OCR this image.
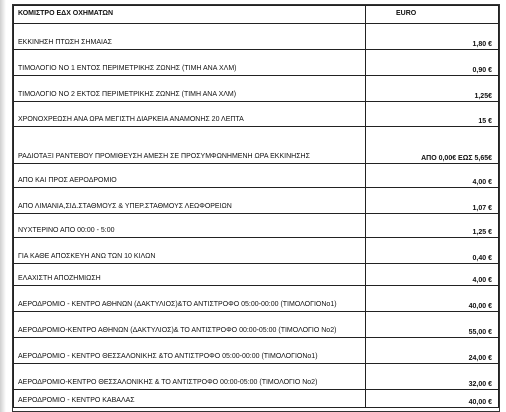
ΚΟΜΙΣΤΡΟ ΕΔΧ ΟΧΗΜΑΤΩΝ	EURO

ΕΚΚΙΝΗΣΗ ΠΤΩΣΗ ΣΗΜΑΙΑΣ	1,80 €

ΤΙΜΟΛΟΓΙΟ ΝΟ 1 ΕΝΤΟΣ ΠΕΡΙΜΕΤΡΙΚΗΣ ΖΩΝΗΣ (ΤΙΜΗ ΑΝΑ ΧΛΜ)	0,90 €

ΤΙΜΟΛΟΓΙΟ ΝΟ 2 ΕΚΤΟΣ ΠΕΡΙΜΕΤΡΙΚΗΣ ΖΩΝΗΣ (ΤΙΜΗ ΑΝΑ ΧΛΜ)	1,25€

ΧΡΟΝΟΧΡΕΩΣΗ ΑΝΑ ΩΡΑ ΜΕΓΙΣΤΗ ΔΙΑΡΚΕΙΑ ΑΝΑΜΟΝΗΣ 20 ΛΕΠΤΑ	15 €

ΡΑΔΙΟΤΑΞΙ ΡΑΝΤΕΒΟΥ ΠΡΟΜΙΘΕΥΣΗ ΑΜΕΣΗ ΣΕ ΠΡΟΣΥΜΦΩΝΗΜΕΝΗ ΩΡΑ ΕΚΚΙΝΗΣΗΣ	ΑΠΟ 0,00€ ΕΩΣ 5,65€

ΑΠΟ ΚΑΙ ΠΡΟΣ ΑΕΡΟΔΡΟΜΙΟ	4,00 €

ΑΠΟ ΛΙΜΑΝΙΑ,ΣΙΔ.ΣΤΑΘΜΟΥΣ & ΥΠΕΡ.ΣΤΑΘΜΟΥΣ ΛΕΩΦΟΡΕΙΩΝ	1,07 €

ΝΥΧΤΕΡΙΝΟ ΑΠΟ 00:00 - 5:00	1,25 €

ΓΙΑ ΚΑΘΕ ΑΠΟΣΚΕΥΗ ΑΝΩ ΤΩΝ 10 ΚΙΛΩΝ	0,40 €

ΕΛΑΧΙΣΤΗ ΑΠΟΖΗΜΙΩΣΗ	4,00 €

ΑΕΡΟΔΡΟΜΙΟ - ΚΕΝΤΡΟ ΑΘΗΝΩΝ (ΔΑΚΤΥΛΙΟΣ)&ΤΟ ΑΝΤΙΣΤΡΟΦΟ 05:00-00:00 (ΤΙΜΟΛΟΓΙΟΝο1)	40,00 €

ΑΕΡΟΔΡΟΜΙΟ-ΚΕΝΤΡΟ ΑΘΗΝΩΝ (ΔΑΚΤΥΛΙΟΣ)& ΤΟ ΑΝΤΙΣΤΡΟΦΟ 00:00-05:00 (ΤΙΜΟΛΟΓΙΟ Νο2)	55,00 €

ΑΕΡΟΔΡΟΜΙΟ - ΚΕΝΤΡΟ ΘΕΣΣΑΛΟΝΙΚΗΣ &ΤΟ ΑΝΤΙΣΤΡΟΦΟ 05:00-00:00 (ΤΙΜΟΛΟΓΙΟΝο1)	24,00 €

ΑΕΡΟΔΡΟΜΙΟ-ΚΕΝΤΡΟ ΘΕΣΣΑΛΟΝΙΚΗΣ & ΤΟ ΑΝΤΙΣΤΡΟΦΟ 00:00-05:00 (ΤΙΜΟΛΟΓΙΟ Νο2)	32,00 €

ΑΕΡΟΔΡΟΜΙΟ - ΚΕΝΤΡΟ ΚΑΒΑΛΑΣ	40,00 €
